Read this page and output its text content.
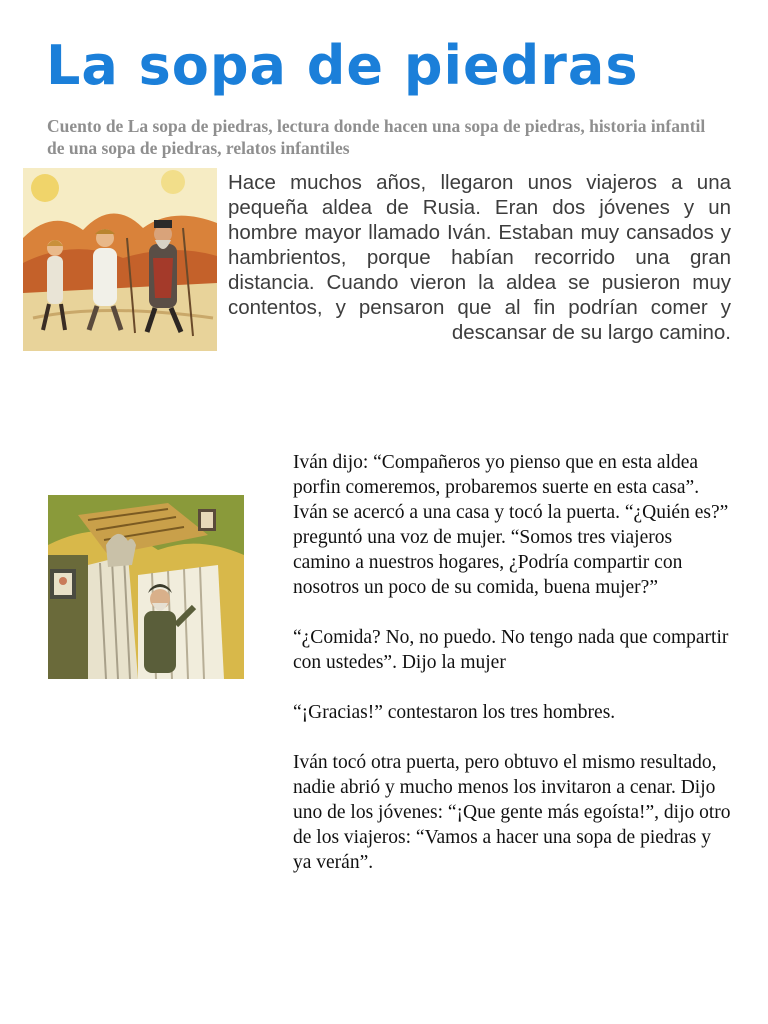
La sopa de piedras

Cuento de La sopa de piedras, lectura donde hacen una sopa de piedras, historia infantil de una sopa de piedras, relatos infantiles

Hace muchos años, llegaron unos viajeros a una pequeña aldea de Rusia. Eran dos jóvenes y un hombre mayor llamado Iván. Estaban muy cansados y hambrientos, porque habían recorrido una gran distancia. Cuando vieron la aldea se pusieron muy contentos, y pensaron que al fin podrían comer y descansar de su largo camino.

Iván dijo: “Compañeros yo pienso que en esta aldea porfin comeremos, probaremos suerte en esta casa”. Iván se acercó a una casa y tocó la puerta. “¿Quién es?” preguntó una voz de mujer. “Somos tres viajeros camino a nuestros hogares, ¿Podría compartir con nosotros un poco de su comida, buena mujer?”

“¿Comida? No, no puedo. No tengo nada que compartir con ustedes”. Dijo la mujer

“¡Gracias!” contestaron los tres hombres.

Iván tocó otra puerta, pero obtuvo el mismo resultado, nadie abrió y mucho menos los invitaron a cenar. Dijo uno de los jóvenes: “¡Que gente más egoísta!”, dijo otro de los viajeros: “Vamos a hacer una sopa de piedras y ya verán”.
